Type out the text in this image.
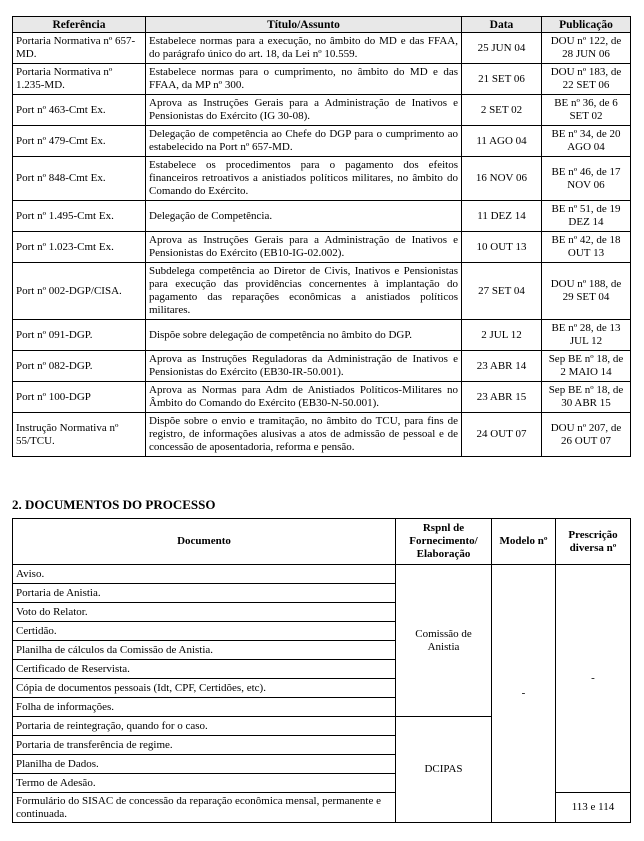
Referência	Título/Assunto	Data	Publicação
Portaria Normativa nº 657-MD.	Estabelece normas para a execução, no âmbito do MD e das FFAA, do parágrafo único do art. 18, da Lei nº 10.559.	25 JUN 04	DOU nº 122, de 28 JUN 06
Portaria Normativa nº 1.235-MD.	Estabelece normas para o cumprimento, no âmbito do MD e das FFAA, da MP nº 300.	21 SET 06	DOU nº 183, de 22 SET 06
Port nº 463-Cmt Ex.	Aprova as Instruções Gerais para a Administração de Inativos e Pensionistas do Exército (IG 30-08).	2 SET 02	BE nº 36, de 6 SET 02
Port nº 479-Cmt Ex.	Delegação de competência ao Chefe do DGP para o cumprimento ao estabelecido na Port nº 657-MD.	11 AGO 04	BE nº 34, de 20 AGO 04
Port nº 848-Cmt Ex.	Estabelece os procedimentos para o pagamento dos efeitos financeiros retroativos a anistiados políticos militares, no âmbito do Comando do Exército.	16 NOV 06	BE nº 46, de 17 NOV 06
Port nº 1.495-Cmt Ex.	Delegação de Competência.	11 DEZ 14	BE nº 51, de 19 DEZ 14
Port nº 1.023-Cmt Ex.	Aprova as Instruções Gerais para a Administração de Inativos e Pensionistas do Exército (EB10-IG-02.002).	10 OUT 13	BE nº 42, de 18 OUT 13
Port nº 002-DGP/CISA.	Subdelega competência ao Diretor de Civis, Inativos e Pensionistas para execução das providências concernentes à implantação do pagamento das reparações econômicas a anistiados políticos militares.	27 SET 04	DOU nº 188, de 29 SET 04
Port nº 091-DGP.	Dispõe sobre delegação de competência no âmbito do DGP.	2 JUL 12	BE nº 28, de 13 JUL 12
Port nº 082-DGP.	Aprova as Instruções Reguladoras da Administração de Inativos e Pensionistas do Exército (EB30-IR-50.001).	23 ABR 14	Sep BE nº 18, de 2 MAIO 14
Port nº 100-DGP	Aprova as Normas para Adm de Anistiados Políticos-Militares no Âmbito do Comando do Exército (EB30-N-50.001).	23 ABR 15	Sep BE nº 18, de 30 ABR 15
Instrução Normativa nº 55/TCU.	Dispõe sobre o envio e tramitação, no âmbito do TCU, para fins de registro, de informações alusivas a atos de admissão de pessoal e de concessão de aposentadoria, reforma e pensão.	24 OUT 07	DOU nº 207, de 26 OUT 07
2. DOCUMENTOS DO PROCESSO
Documento	Rspnl de Fornecimento/ Elaboração	Modelo nº	Prescrição diversa nº
Aviso.	Comissão de Anistia	-	-
Portaria de Anistia.			
Voto do Relator.			
Certidão.			
Planilha de cálculos da Comissão de Anistia.			
Certificado de Reservista.			
Cópia de documentos pessoais (Idt, CPF, Certidões, etc).			
Folha de informações.			
Portaria de reintegração, quando for o caso.	DCIPAS		
Portaria de transferência de regime.			
Planilha de Dados.			
Termo de Adesão.			
Formulário do SISAC de concessão da reparação econômica mensal, permanente e continuada.			113 e 114
